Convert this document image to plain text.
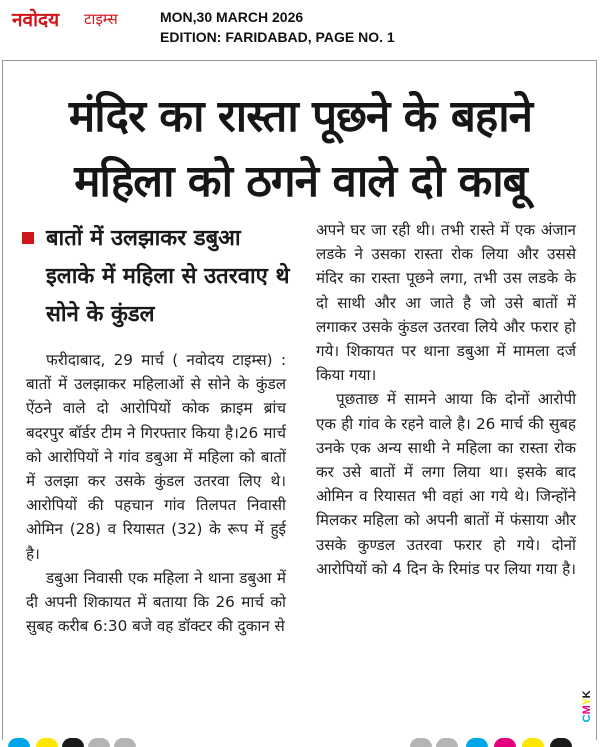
नवोदय टाइम्स	MON,30 MARCH 2026
EDITION: FARIDABAD, PAGE NO. 1
मंदिर का रास्ता पूछने के बहाने
महिला को ठगने वाले दो काबू
बातों में उलझाकर डबुआ इलाके में महिला से उतरवाए थे सोने के कुंडल

फरीदाबाद, 29 मार्च ( नवोदय टाइम्स) : बातों में उलझाकर महिलाओं से सोने के कुंडल ऐंठने वाले दो आरोपियों कोक क्राइम ब्रांच बदरपुर बॉर्डर टीम ने गिरफ्तार किया है।26 मार्च को आरोपियों ने गांव डबुआ में महिला को बातों में उलझा कर उसके कुंडल उतरवा लिए थे। आरोपियों की पहचान गांव तिलपत निवासी ओमिन (28) व रियासत (32) के रूप में हुई है।

डबुआ निवासी एक महिला ने थाना डबुआ में दी अपनी शिकायत में बताया कि 26 मार्च को सुबह करीब 6:30 बजे वह डॉक्टर की दुकान से

अपने घर जा रही थी। तभी रास्ते में एक अंजान लडके ने उसका रास्ता रोक लिया और उससे मंदिर का रास्ता पूछने लगा, तभी उस लडके के दो साथी और आ जाते है जो उसे बातों में लगाकर उसके कुंडल उतरवा लिये और फरार हो गये। शिकायत पर थाना डबुआ में मामला दर्ज किया गया।

पूछताछ में सामने आया कि दोनों आरोपी एक ही गांव के रहने वाले है। 26 मार्च की सुबह उनके एक अन्य साथी ने महिला का रास्ता रोक कर उसे बातों में लगा लिया था। इसके बाद ओमिन व रियासत भी वहां आ गये थे। जिन्होंने मिलकर महिला को अपनी बातों में फंसाया और उसके कुण्डल उतरवा फरार हो गये। दोनों आरोपियों को 4 दिन के रिमांड पर लिया गया है।

CMYK
